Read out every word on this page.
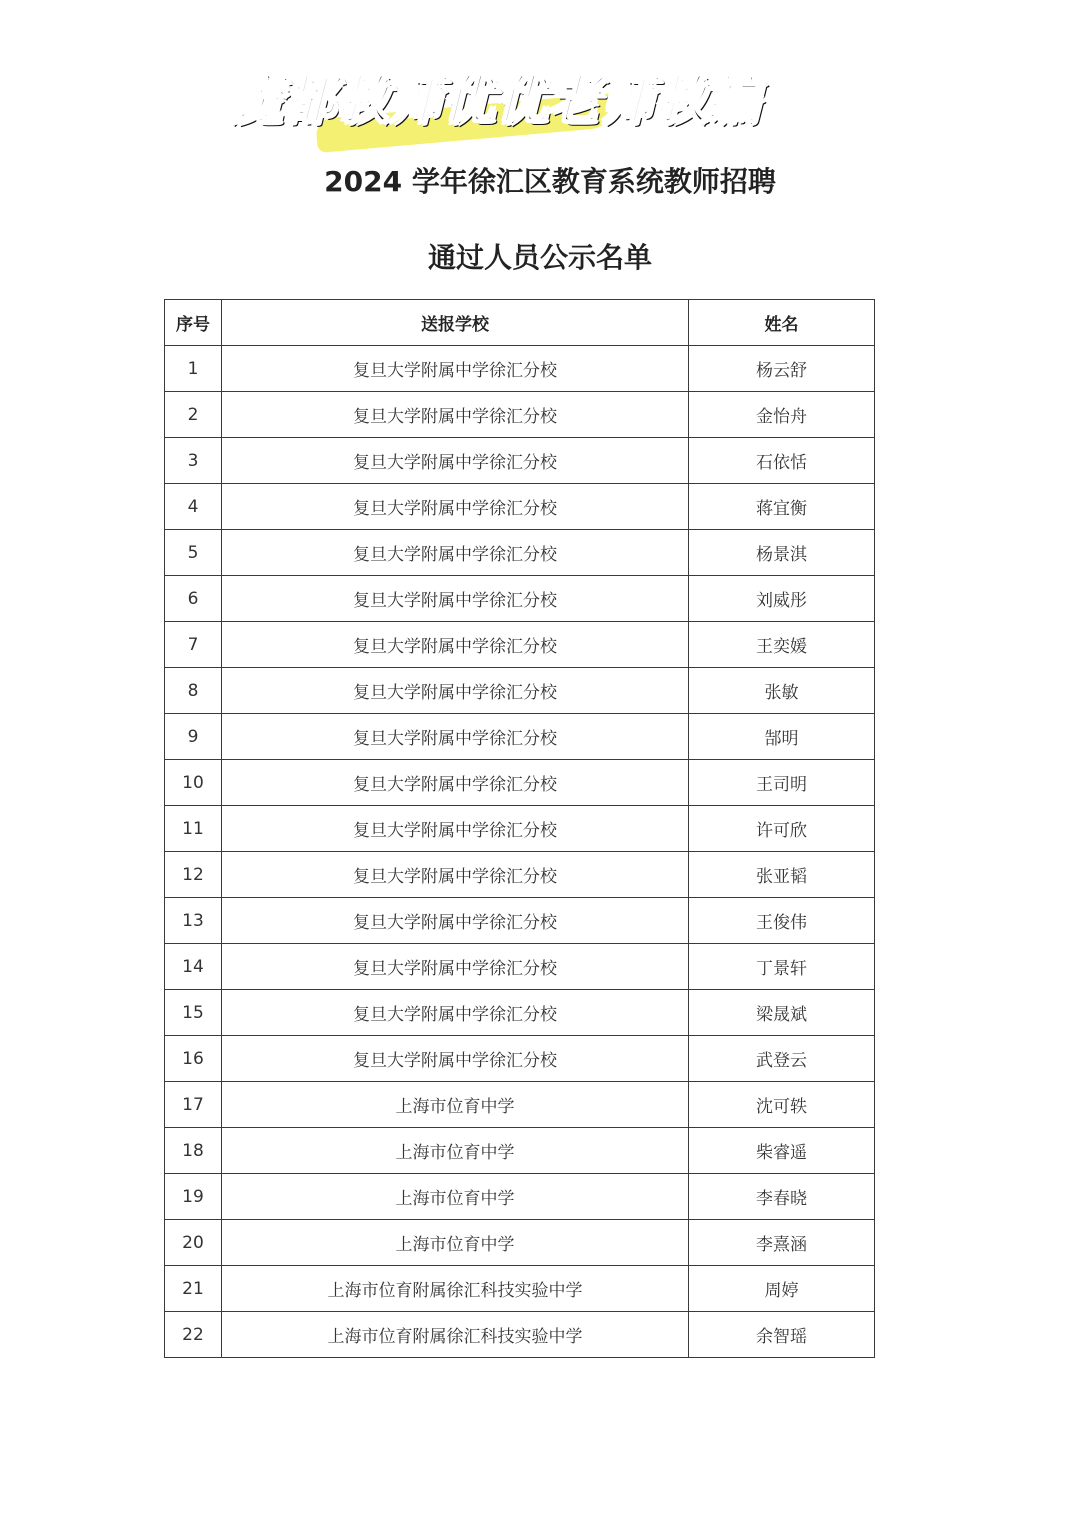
魔都教师优优老师教编
2024 学年徐汇区教育系统教师招聘
通过人员公示名单
序号	送报学校	姓名
1	复旦大学附属中学徐汇分校	杨云舒
2	复旦大学附属中学徐汇分校	金怡舟
3	复旦大学附属中学徐汇分校	石依恬
4	复旦大学附属中学徐汇分校	蒋宜衡
5	复旦大学附属中学徐汇分校	杨景淇
6	复旦大学附属中学徐汇分校	刘威彤
7	复旦大学附属中学徐汇分校	王奕媛
8	复旦大学附属中学徐汇分校	张敏
9	复旦大学附属中学徐汇分校	郜明
10	复旦大学附属中学徐汇分校	王司明
11	复旦大学附属中学徐汇分校	许可欣
12	复旦大学附属中学徐汇分校	张亚韬
13	复旦大学附属中学徐汇分校	王俊伟
14	复旦大学附属中学徐汇分校	丁景轩
15	复旦大学附属中学徐汇分校	梁晟斌
16	复旦大学附属中学徐汇分校	武登云
17	上海市位育中学	沈可轶
18	上海市位育中学	柴睿遥
19	上海市位育中学	李春晓
20	上海市位育中学	李熹涵
21	上海市位育附属徐汇科技实验中学	周婷
22	上海市位育附属徐汇科技实验中学	余智瑶
